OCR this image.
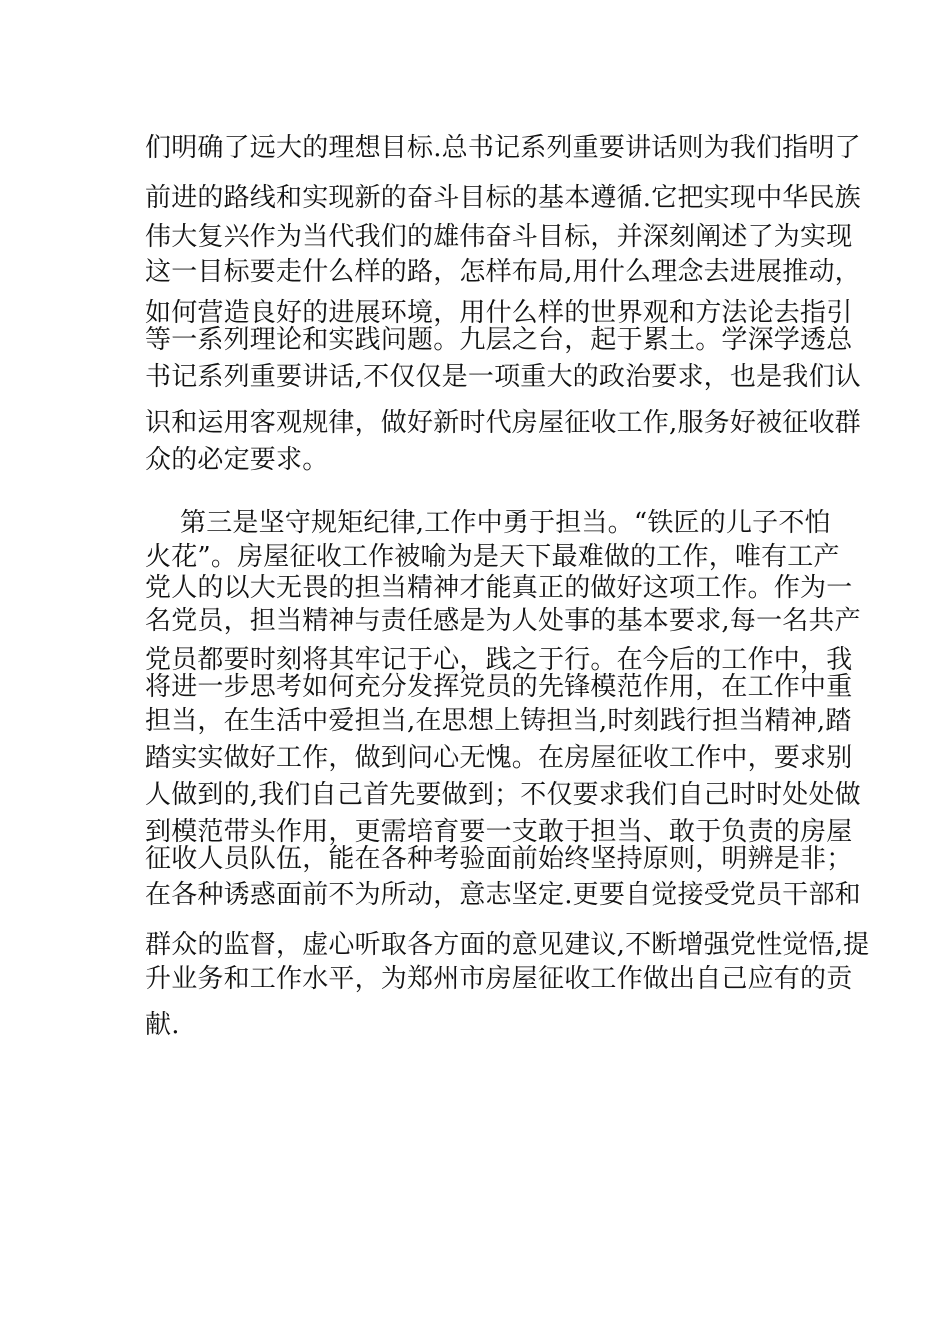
们明确了远大的理想目标.总书记系列重要讲话则为我们指明了
前进的路线和实现新的奋斗目标的基本遵循.它把实现中华民族
伟大复兴作为当代我们的雄伟奋斗目标，并深刻阐述了为实现
这一目标要走什么样的路，怎样布局,用什么理念去进展推动，
如何营造良好的进展环境，用什么样的世界观和方法论去指引
等一系列理论和实践问题。九层之台，起于累土。学深学透总
书记系列重要讲话,不仅仅是一项重大的政治要求，也是我们认
识和运用客观规律，做好新时代房屋征收工作,服务好被征收群
众的必定要求。
第三是坚守规矩纪律,工作中勇于担当。“铁匠的儿子不怕
火花”。房屋征收工作被喻为是天下最难做的工作，唯有工产
党人的以大无畏的担当精神才能真正的做好这项工作。作为一
名党员，担当精神与责任感是为人处事的基本要求,每一名共产
党员都要时刻将其牢记于心，践之于行。在今后的工作中，我
将进一步思考如何充分发挥党员的先锋模范作用，在工作中重
担当，在生活中爱担当,在思想上铸担当,时刻践行担当精神,踏
踏实实做好工作，做到问心无愧。在房屋征收工作中，要求别
人做到的,我们自己首先要做到；不仅要求我们自己时时处处做
到模范带头作用，更需培育要一支敢于担当、敢于负责的房屋
征收人员队伍，能在各种考验面前始终坚持原则，明辨是非；
在各种诱惑面前不为所动，意志坚定.更要自觉接受党员干部和
群众的监督，虚心听取各方面的意见建议,不断增强党性觉悟,提
升业务和工作水平，为郑州市房屋征收工作做出自己应有的贡
献.
